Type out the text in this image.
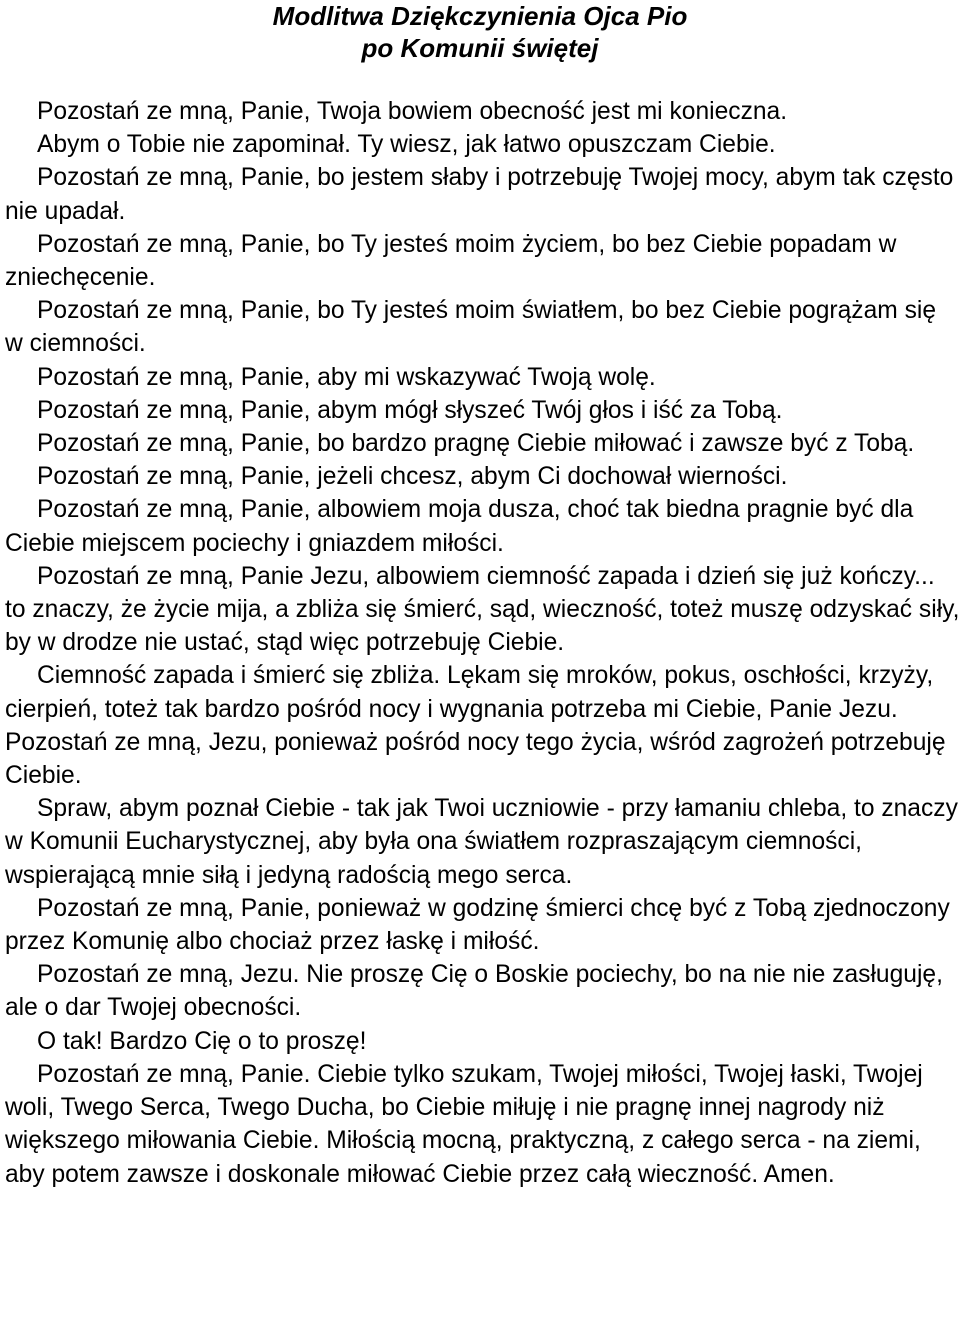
Modlitwa Dziękczynienia Ojca Pio
po Komunii świętej

Pozostań ze mną, Panie, Twoja bowiem obecność jest mi konieczna.

Abym o Tobie nie zapominał. Ty wiesz, jak łatwo opuszczam Ciebie.

Pozostań ze mną, Panie, bo jestem słaby i potrzebuję Twojej mocy, abym tak często nie upadał.

Pozostań ze mną, Panie, bo Ty jesteś moim życiem, bo bez Ciebie popadam w zniechęcenie.

Pozostań ze mną, Panie, bo Ty jesteś moim światłem, bo bez Ciebie pogrążam się w ciemności.

Pozostań ze mną, Panie, aby mi wskazywać Twoją wolę.

Pozostań ze mną, Panie, abym mógł słyszeć Twój głos i iść za Tobą.

Pozostań ze mną, Panie, bo bardzo pragnę Ciebie miłować i zawsze być z Tobą.

Pozostań ze mną, Panie, jeżeli chcesz, abym Ci dochował wierności.

Pozostań ze mną, Panie, albowiem moja dusza, choć tak biedna pragnie być dla Ciebie miejscem pociechy i gniazdem miłości.

Pozostań ze mną, Panie Jezu, albowiem ciemność zapada i dzień się już kończy... to znaczy, że życie mija, a zbliża się śmierć, sąd, wieczność, toteż muszę odzyskać siły, by w drodze nie ustać, stąd więc potrzebuję Ciebie.

Ciemność zapada i śmierć się zbliża. Lękam się mroków, pokus, oschłości, krzyży, cierpień, toteż tak bardzo pośród nocy i wygnania potrzeba mi Ciebie, Panie Jezu. Pozostań ze mną, Jezu, ponieważ pośród nocy tego życia, wśród zagrożeń potrzebuję Ciebie.

Spraw, abym poznał Ciebie - tak jak Twoi uczniowie - przy łamaniu chleba, to znaczy w Komunii Eucharystycznej, aby była ona światłem rozpraszającym ciemności, wspierającą mnie siłą i jedyną radością mego serca.

Pozostań ze mną, Panie, ponieważ w godzinę śmierci chcę być z Tobą zjednoczony przez Komunię albo chociaż przez łaskę i miłość.

Pozostań ze mną, Jezu. Nie proszę Cię o Boskie pociechy, bo na nie nie zasługuję, ale o dar Twojej obecności.

O tak! Bardzo Cię o to proszę!

Pozostań ze mną, Panie. Ciebie tylko szukam, Twojej miłości, Twojej łaski, Twojej woli, Twego Serca, Twego Ducha, bo Ciebie miłuję i nie pragnę innej nagrody niż większego miłowania Ciebie. Miłością mocną, praktyczną, z całego serca - na ziemi, aby potem zawsze i doskonale miłować Ciebie przez całą wieczność. Amen.
